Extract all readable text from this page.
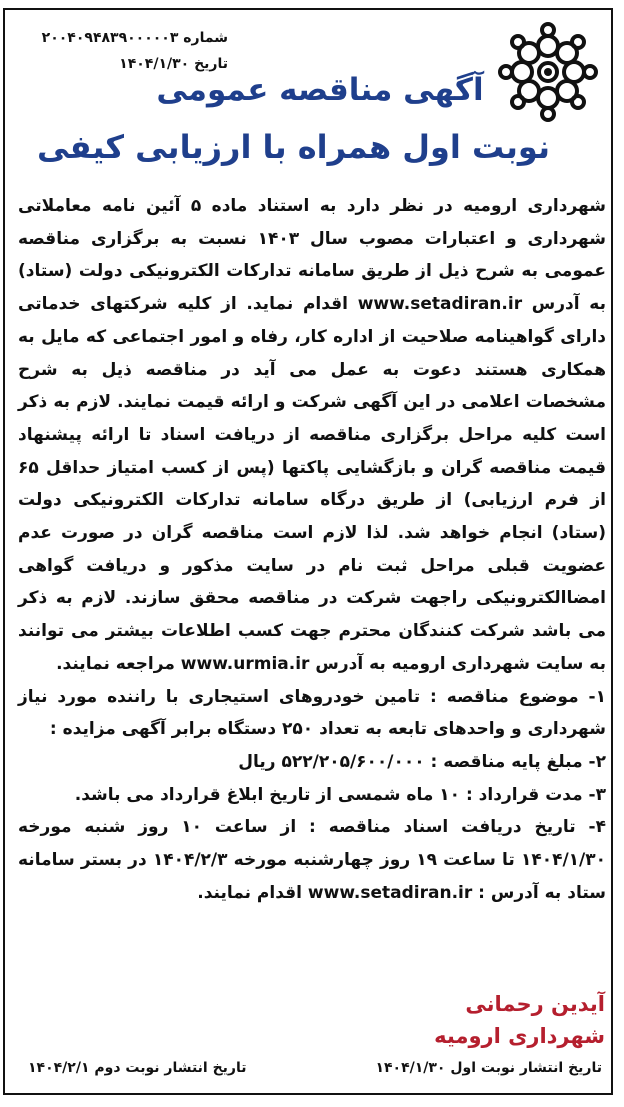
شماره ۲۰۰۴۰۹۴۸۳۹۰۰۰۰۰۳
تاریخ ۱۴۰۴/۱/۳۰
آگهی مناقصه عمومی
نوبت اول همراه با ارزیابی کیفی

شهرداری ارومیه در نظر دارد به استناد ماده ۵ آئین نامه معاملاتی شهرداری و اعتبارات مصوب سال ۱۴۰۳ نسبت به برگزاری مناقصه عمومی به شرح ذیل از طریق سامانه تدارکات الکترونیکی دولت (ستاد) به آدرس www.setadiran.ir اقدام نماید. از کلیه شرکتهای خدماتی دارای گواهینامه صلاحیت از اداره کار، رفاه و امور اجتماعی که مایل به همکاری هستند دعوت به عمل می آید در مناقصه ذیل به شرح مشخصات اعلامی در این آگهی شرکت و ارائه قیمت نمایند. لازم به ذکر است کلیه مراحل برگزاری مناقصه از دریافت اسناد تا ارائه پیشنهاد قیمت مناقصه گران و بازگشایی پاکتها (پس از کسب امتیاز حداقل ۶۵ از فرم ارزیابی) از طریق درگاه سامانه تدارکات الکترونیکی دولت (ستاد) انجام خواهد شد. لذا لازم است مناقصه گران در صورت عدم عضویت قبلی مراحل ثبت نام در سایت مذکور و دریافت گواهی امضاالکترونیکی راجهت شرکت در مناقصه محقق سازند. لازم به ذکر می باشد شرکت کنندگان محترم جهت کسب اطلاعات بیشتر می توانند به سایت شهرداری ارومیه به آدرس www.urmia.ir مراجعه نمایند.

۱- موضوع مناقصه : تامین خودروهای استیجاری با راننده مورد نیاز شهرداری و واحدهای تابعه به تعداد ۲۵۰ دستگاه برابر آگهی مزایده :

۲- مبلغ پایه مناقصه : ۵۲۲/۲۰۵/۶۰۰/۰۰۰ ریال

۳- مدت قرارداد : ۱۰ ماه شمسی از تاریخ ابلاغ قرارداد می باشد.

۴- تاریخ دریافت اسناد مناقصه : از ساعت ۱۰ روز شنبه مورخه ۱۴۰۴/۱/۳۰ تا ساعت ۱۹ روز چهارشنبه مورخه ۱۴۰۴/۲/۳ در بستر سامانه ستاد به آدرس : www.setadiran.ir اقدام نمایند.

آیدین رحمانی
شهرداری ارومیه
تاریخ انتشار نوبت اول ۱۴۰۴/۱/۳۰
تاریخ انتشار نوبت دوم ۱۴۰۴/۲/۱
